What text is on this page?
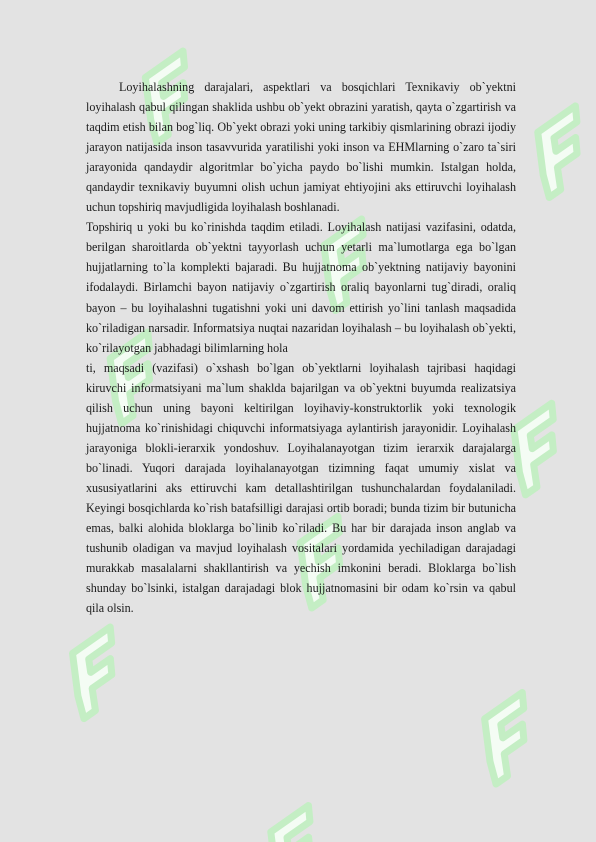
Loyihalashning darajalari, aspektlari va bosqichlari Texnikaviy ob`yektni loyihalash qabul qilingan shaklida ushbu ob`yekt obrazini yaratish, qayta o`zgartirish va taqdim etish bilan bog`liq. Ob`yekt obrazi yoki uning tarkibiy qismlarining obrazi ijodiy jarayon natijasida inson tasavvurida yaratilishi yoki inson va EHMlarning o`zaro ta`siri jarayonida qandaydir algoritmlar bo`yicha paydo bo`lishi mumkin. Istalgan holda, qandaydir texnikaviy buyumni olish uchun jamiyat ehtiyojini aks ettiruvchi loyihalash uchun topshiriq mavjudligida loyihalash boshlanadi.

Topshiriq u yoki bu ko`rinishda taqdim etiladi. Loyihalash natijasi vazifasini, odatda, berilgan sharoitlarda ob`yektni tayyorlash uchun yetarli ma`lumotlarga ega bo`lgan hujjatlarning to`la komplekti bajaradi. Bu hujjatnoma ob`yektning natijaviy bayonini ifodalaydi. Birlamchi bayon natijaviy o`zgartirish oraliq bayonlarni tug`diradi, oraliq bayon – bu loyihalashni tugatishni yoki uni davom ettirish yo`lini tanlash maqsadida ko`riladigan narsadir. Informatsiya nuqtai nazaridan loyihalash – bu loyihalash ob`yekti, ko`rilayotgan jabhadagi bilimlarning hola

ti, maqsadi (vazifasi) o`xshash bo`lgan ob`yektlarni loyihalash tajribasi haqidagi kiruvchi informatsiyani ma`lum shaklda bajarilgan va ob`yektni buyumda realizatsiya qilish uchun uning bayoni keltirilgan loyihaviy-konstruktorlik yoki texnologik hujjatnoma ko`rinishidagi chiquvchi informatsiyaga aylantirish jarayonidir. Loyihalash jarayoniga blokli-ierarxik yondoshuv. Loyihalanayotgan tizim ierarxik darajalarga bo`linadi. Yuqori darajada loyihalanayotgan tizimning faqat umumiy xislat va xususiyatlarini aks ettiruvchi kam detallashtirilgan tushunchalardan foydalaniladi. Keyingi bosqichlarda ko`rish batafsilligi darajasi ortib boradi; bunda tizim bir butunicha emas, balki alohida bloklarga bo`linib ko`riladi. Bu har bir darajada inson anglab va tushunib oladigan va mavjud loyihalash vositalari yordamida yechiladigan darajadagi murakkab masalalarni shakllantirish va yechish imkonini beradi. Bloklarga bo`lish shunday bo`lsinki, istalgan darajadagi blok hujjatnomasini bir odam ko`rsin va qabul qila olsin.
